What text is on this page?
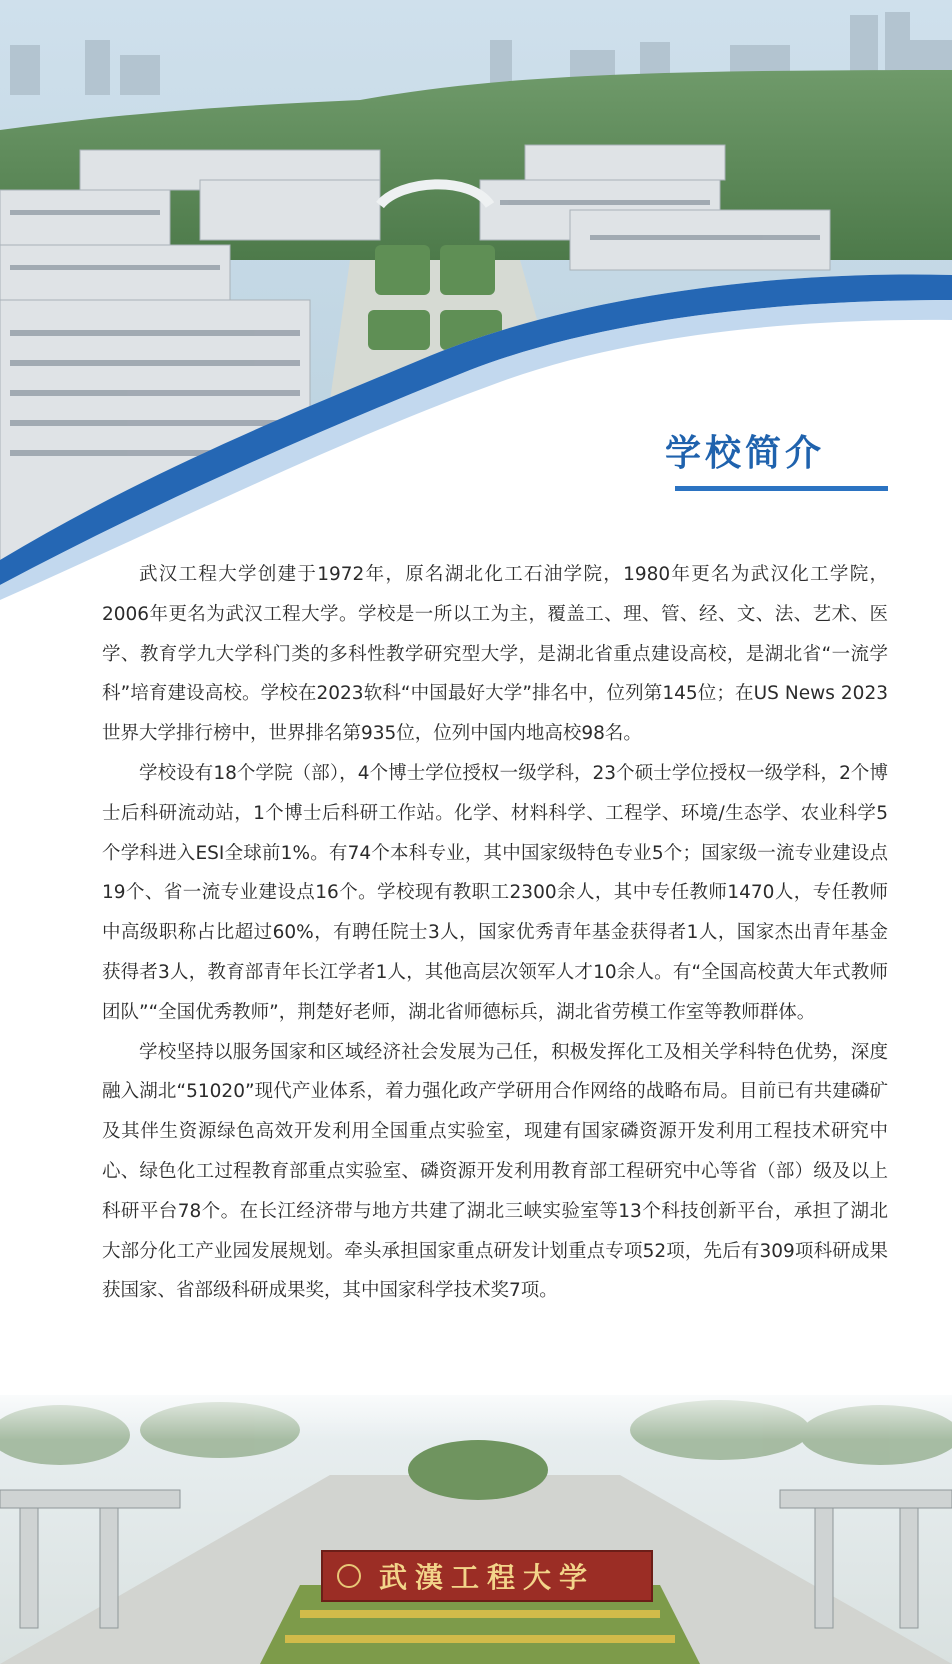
武漢工程大学
学校简介

武汉工程大学创建于1972年，原名湖北化工石油学院，1980年更名为武汉化工学院，2006年更名为武汉工程大学。学校是一所以工为主，覆盖工、理、管、经、文、法、艺术、医学、教育学九大学科门类的多科性教学研究型大学，是湖北省重点建设高校，是湖北省“一流学科”培育建设高校。学校在2023软科“中国最好大学”排名中，位列第145位；在US News 2023世界大学排行榜中，世界排名第935位，位列中国内地高校98名。

学校设有18个学院（部），4个博士学位授权一级学科，23个硕士学位授权一级学科，2个博士后科研流动站，1个博士后科研工作站。化学、材料科学、工程学、环境/生态学、农业科学5个学科进入ESI全球前1%。有74个本科专业，其中国家级特色专业5个；国家级一流专业建设点19个、省一流专业建设点16个。学校现有教职工2300余人，其中专任教师1470人，专任教师中高级职称占比超过60%，有聘任院士3人，国家优秀青年基金获得者1人，国家杰出青年基金获得者3人，教育部青年长江学者1人，其他高层次领军人才10余人。有“全国高校黄大年式教师团队”“全国优秀教师”，荆楚好老师，湖北省师德标兵，湖北省劳模工作室等教师群体。

学校坚持以服务国家和区域经济社会发展为己任，积极发挥化工及相关学科特色优势，深度融入湖北“51020”现代产业体系，着力强化政产学研用合作网络的战略布局。目前已有共建磷矿及其伴生资源绿色高效开发利用全国重点实验室，现建有国家磷资源开发利用工程技术研究中心、绿色化工过程教育部重点实验室、磷资源开发利用教育部工程研究中心等省（部）级及以上科研平台78个。在长江经济带与地方共建了湖北三峡实验室等13个科技创新平台，承担了湖北大部分化工产业园发展规划。牵头承担国家重点研发计划重点专项52项，先后有309项科研成果获国家、省部级科研成果奖，其中国家科学技术奖7项。
